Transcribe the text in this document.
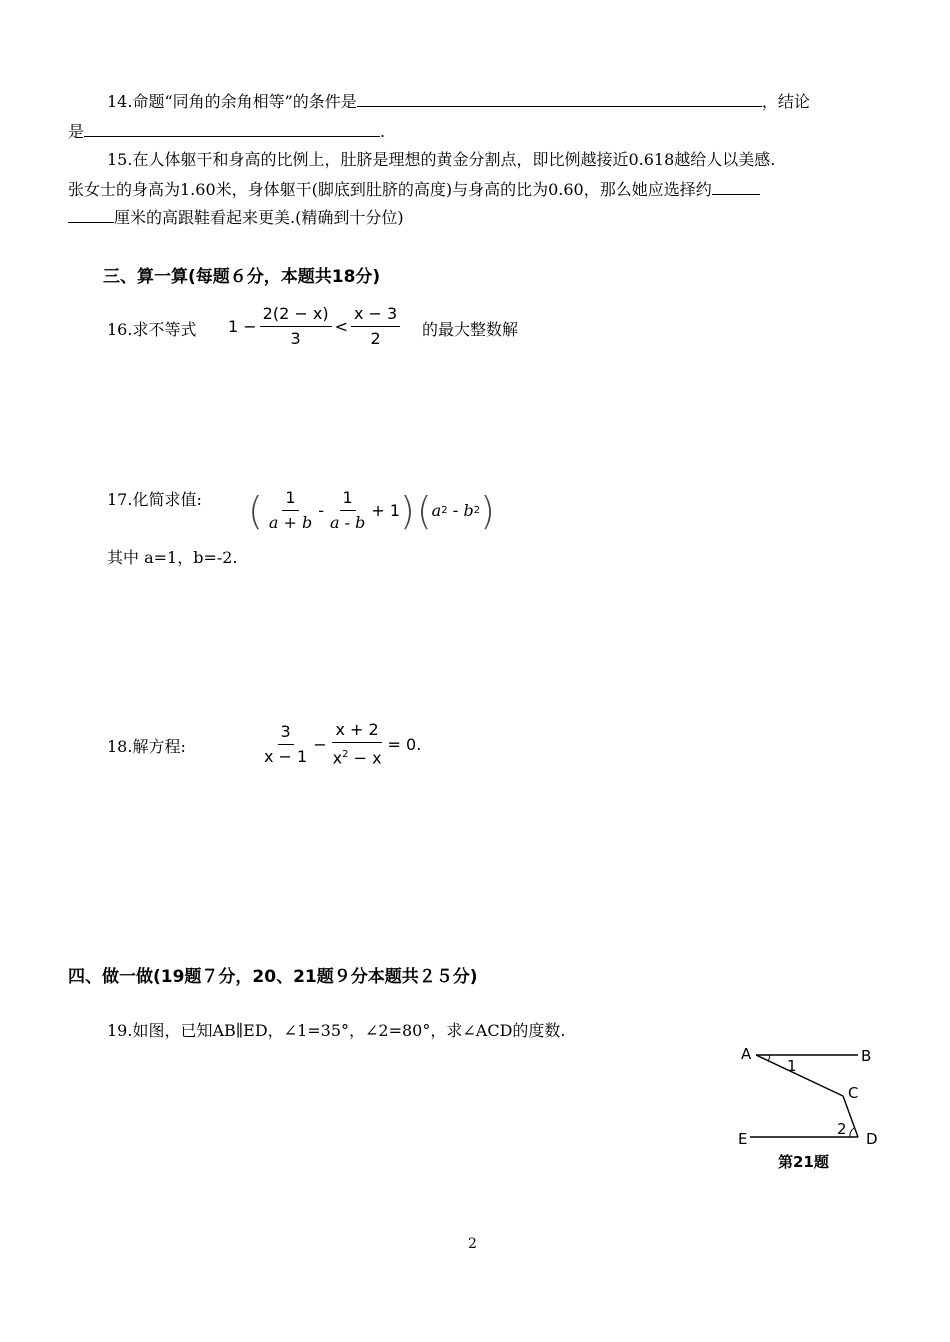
14.命题“同角的余角相等”的条件是	，结论
是	.
15.在人体躯干和身高的比例上，肚脐是理想的黄金分割点，即比例越接近0.618越给人以美感.
张女士的身高为1.60米，身体躯干(脚底到肚脐的高度)与身高的比为0.60，那么她应选择约
厘米的高跟鞋看起来更美.(精确到十分位)
三、算一算(每题６分，本题共18分)
16.求不等式 $1 - \frac{2(2 - x)}{3} < \frac{x - 3}{2}$ 的最大整数解
17.化简求值: ( $\frac{1}{a + b} - \frac{1}{a - b} + 1$ ) ( a 2 - b 2 )
其中 a=1，b=-2.
18.解方程:	$\frac{3}{x - 1} - \frac{x + 2}{x^2 - x} = 0$.
四、做一做(19题７分，20、21题９分本题共２５分)
19.如图，已知AB∥ED，∠1=35°，∠2=80°，求∠ACD的度数.
A	B
C
D
E
1
2
第21题
2
